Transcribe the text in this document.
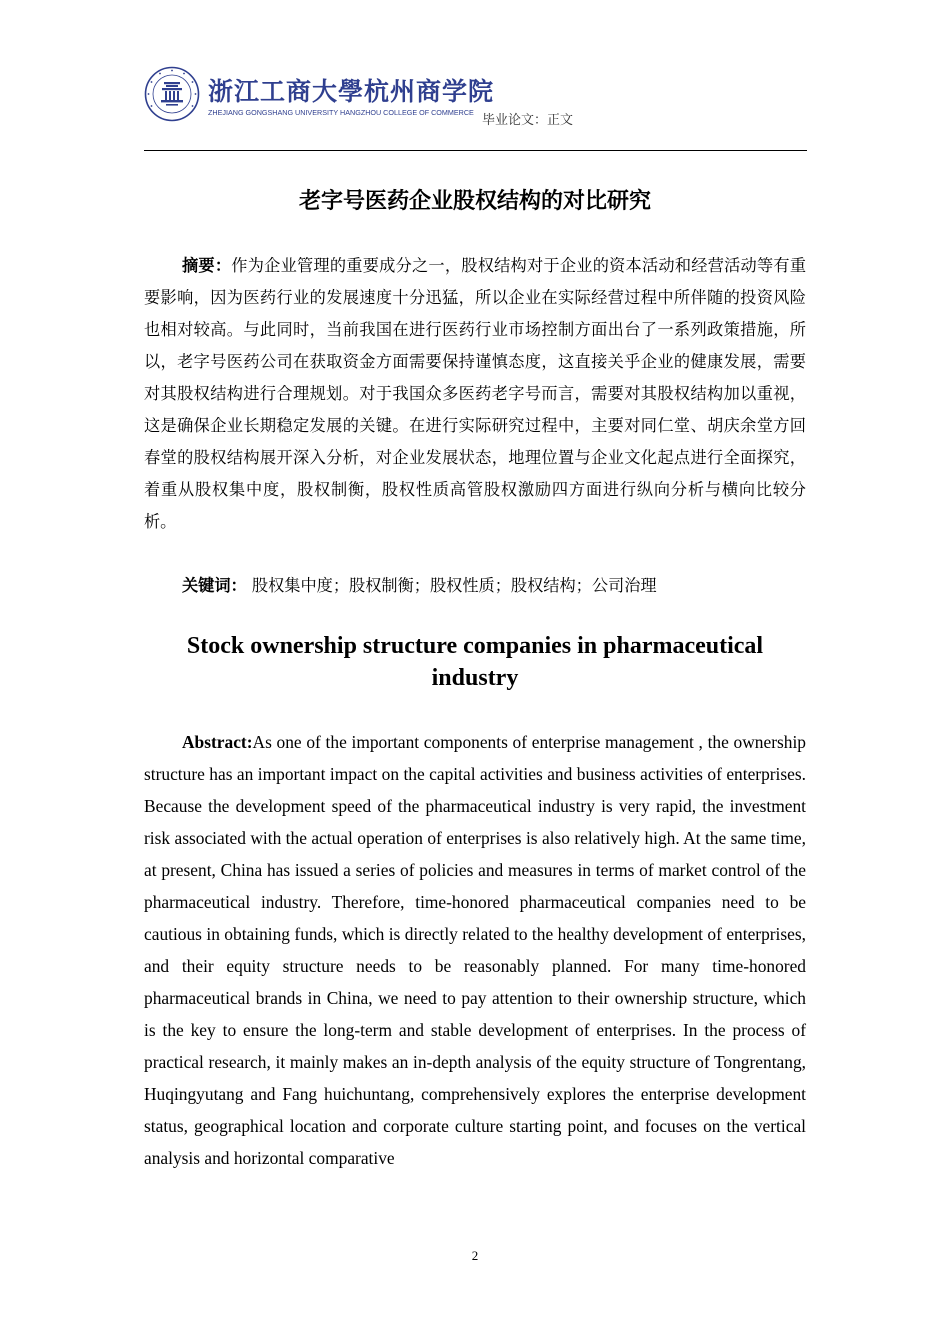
浙江工商大學杭州商学院
ZHEJIANG GONGSHANG UNIVERSITY HANGZHOU COLLEGE OF COMMERCE
毕业论文：正文
老字号医药企业股权结构的对比研究

摘要：作为企业管理的重要成分之一，股权结构对于企业的资本活动和经营活动等有重要影响，因为医药行业的发展速度十分迅猛，所以企业在实际经营过程中所伴随的投资风险也相对较高。与此同时，当前我国在进行医药行业市场控制方面出台了一系列政策措施，所以，老字号医药公司在获取资金方面需要保持谨慎态度，这直接关乎企业的健康发展，需要对其股权结构进行合理规划。对于我国众多医药老字号而言，需要对其股权结构加以重视，这是确保企业长期稳定发展的关键。在进行实际研究过程中，主要对同仁堂、胡庆余堂方回春堂的股权结构展开深入分析，对企业发展状态，地理位置与企业文化起点进行全面探究，着重从股权集中度，股权制衡，股权性质高管股权激励四方面进行纵向分析与横向比较分析。

关键词： 股权集中度；股权制衡；股权性质；股权结构；公司治理

Stock ownership structure companies in pharmaceutical industry

Abstract:As one of the important components of enterprise management , the ownership structure has an important impact on the capital activities and business activities of enterprises. Because the development speed of the pharmaceutical industry is very rapid, the investment risk associated with the actual operation of enterprises is also relatively high. At the same time, at present, China has issued a series of policies and measures in terms of market control of the pharmaceutical industry. Therefore, time-honored pharmaceutical companies need to be cautious in obtaining funds, which is directly related to the healthy development of enterprises, and their equity structure needs to be reasonably planned. For many time-honored pharmaceutical brands in China, we need to pay attention to their ownership structure, which is the key to ensure the long-term and stable development of enterprises. In the process of practical research, it mainly makes an in-depth analysis of the equity structure of Tongrentang, Huqingyutang and Fang huichuntang, comprehensively explores the enterprise development status, geographical location and corporate culture starting point, and focuses on the vertical analysis and horizontal comparative

2
